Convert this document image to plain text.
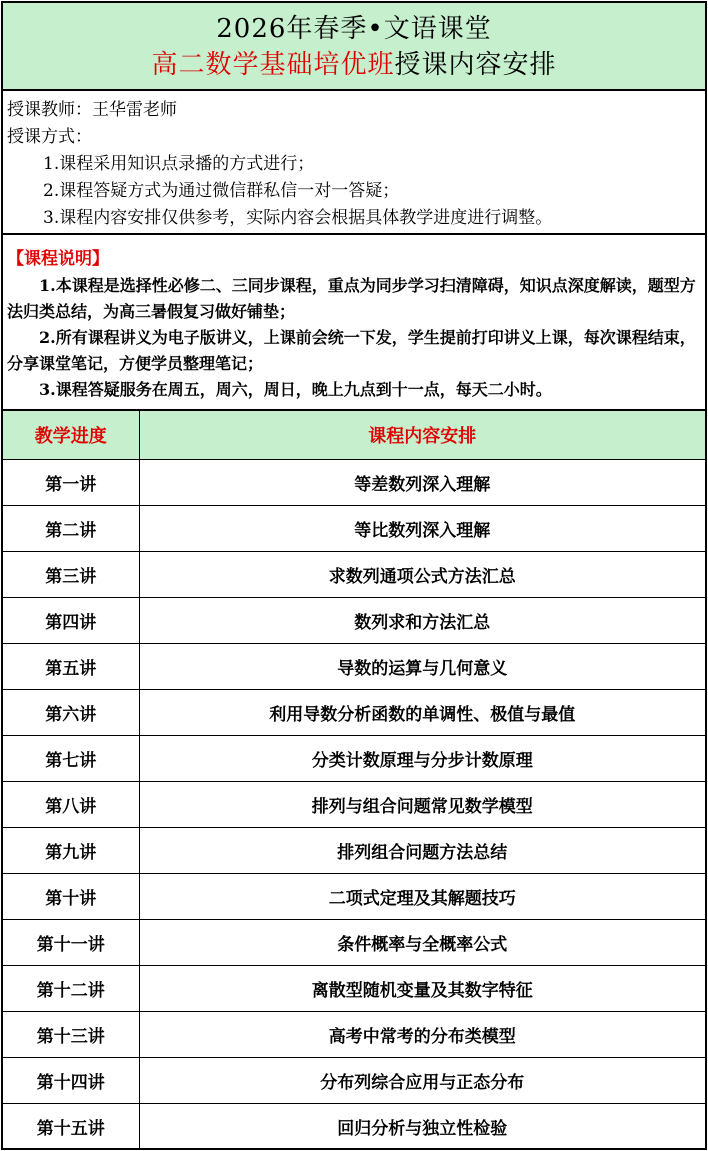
2026年春季•文语课堂
高二数学基础培优班授课内容安排
授课教师：王华雷老师
授课方式：
1.课程采用知识点录播的方式进行；
2.课程答疑方式为通过微信群私信一对一答疑；
3.课程内容安排仅供参考，实际内容会根据具体教学进度进行调整。
【课程说明】

1.本课程是选择性必修二、三同步课程，重点为同步学习扫清障碍，知识点深度解读，题型方法归类总结，为高三暑假复习做好铺垫；

2.所有课程讲义为电子版讲义，上课前会统一下发，学生提前打印讲义上课，每次课程结束，分享课堂笔记，方便学员整理笔记；

3.课程答疑服务在周五，周六，周日，晚上九点到十一点，每天二小时。

教学进度	课程内容安排
第一讲	等差数列深入理解
第二讲	等比数列深入理解
第三讲	求数列通项公式方法汇总
第四讲	数列求和方法汇总
第五讲	导数的运算与几何意义
第六讲	利用导数分析函数的单调性、极值与最值
第七讲	分类计数原理与分步计数原理
第八讲	排列与组合问题常见数学模型
第九讲	排列组合问题方法总结
第十讲	二项式定理及其解题技巧
第十一讲	条件概率与全概率公式
第十二讲	离散型随机变量及其数字特征
第十三讲	高考中常考的分布类模型
第十四讲	分布列综合应用与正态分布
第十五讲	回归分析与独立性检验
